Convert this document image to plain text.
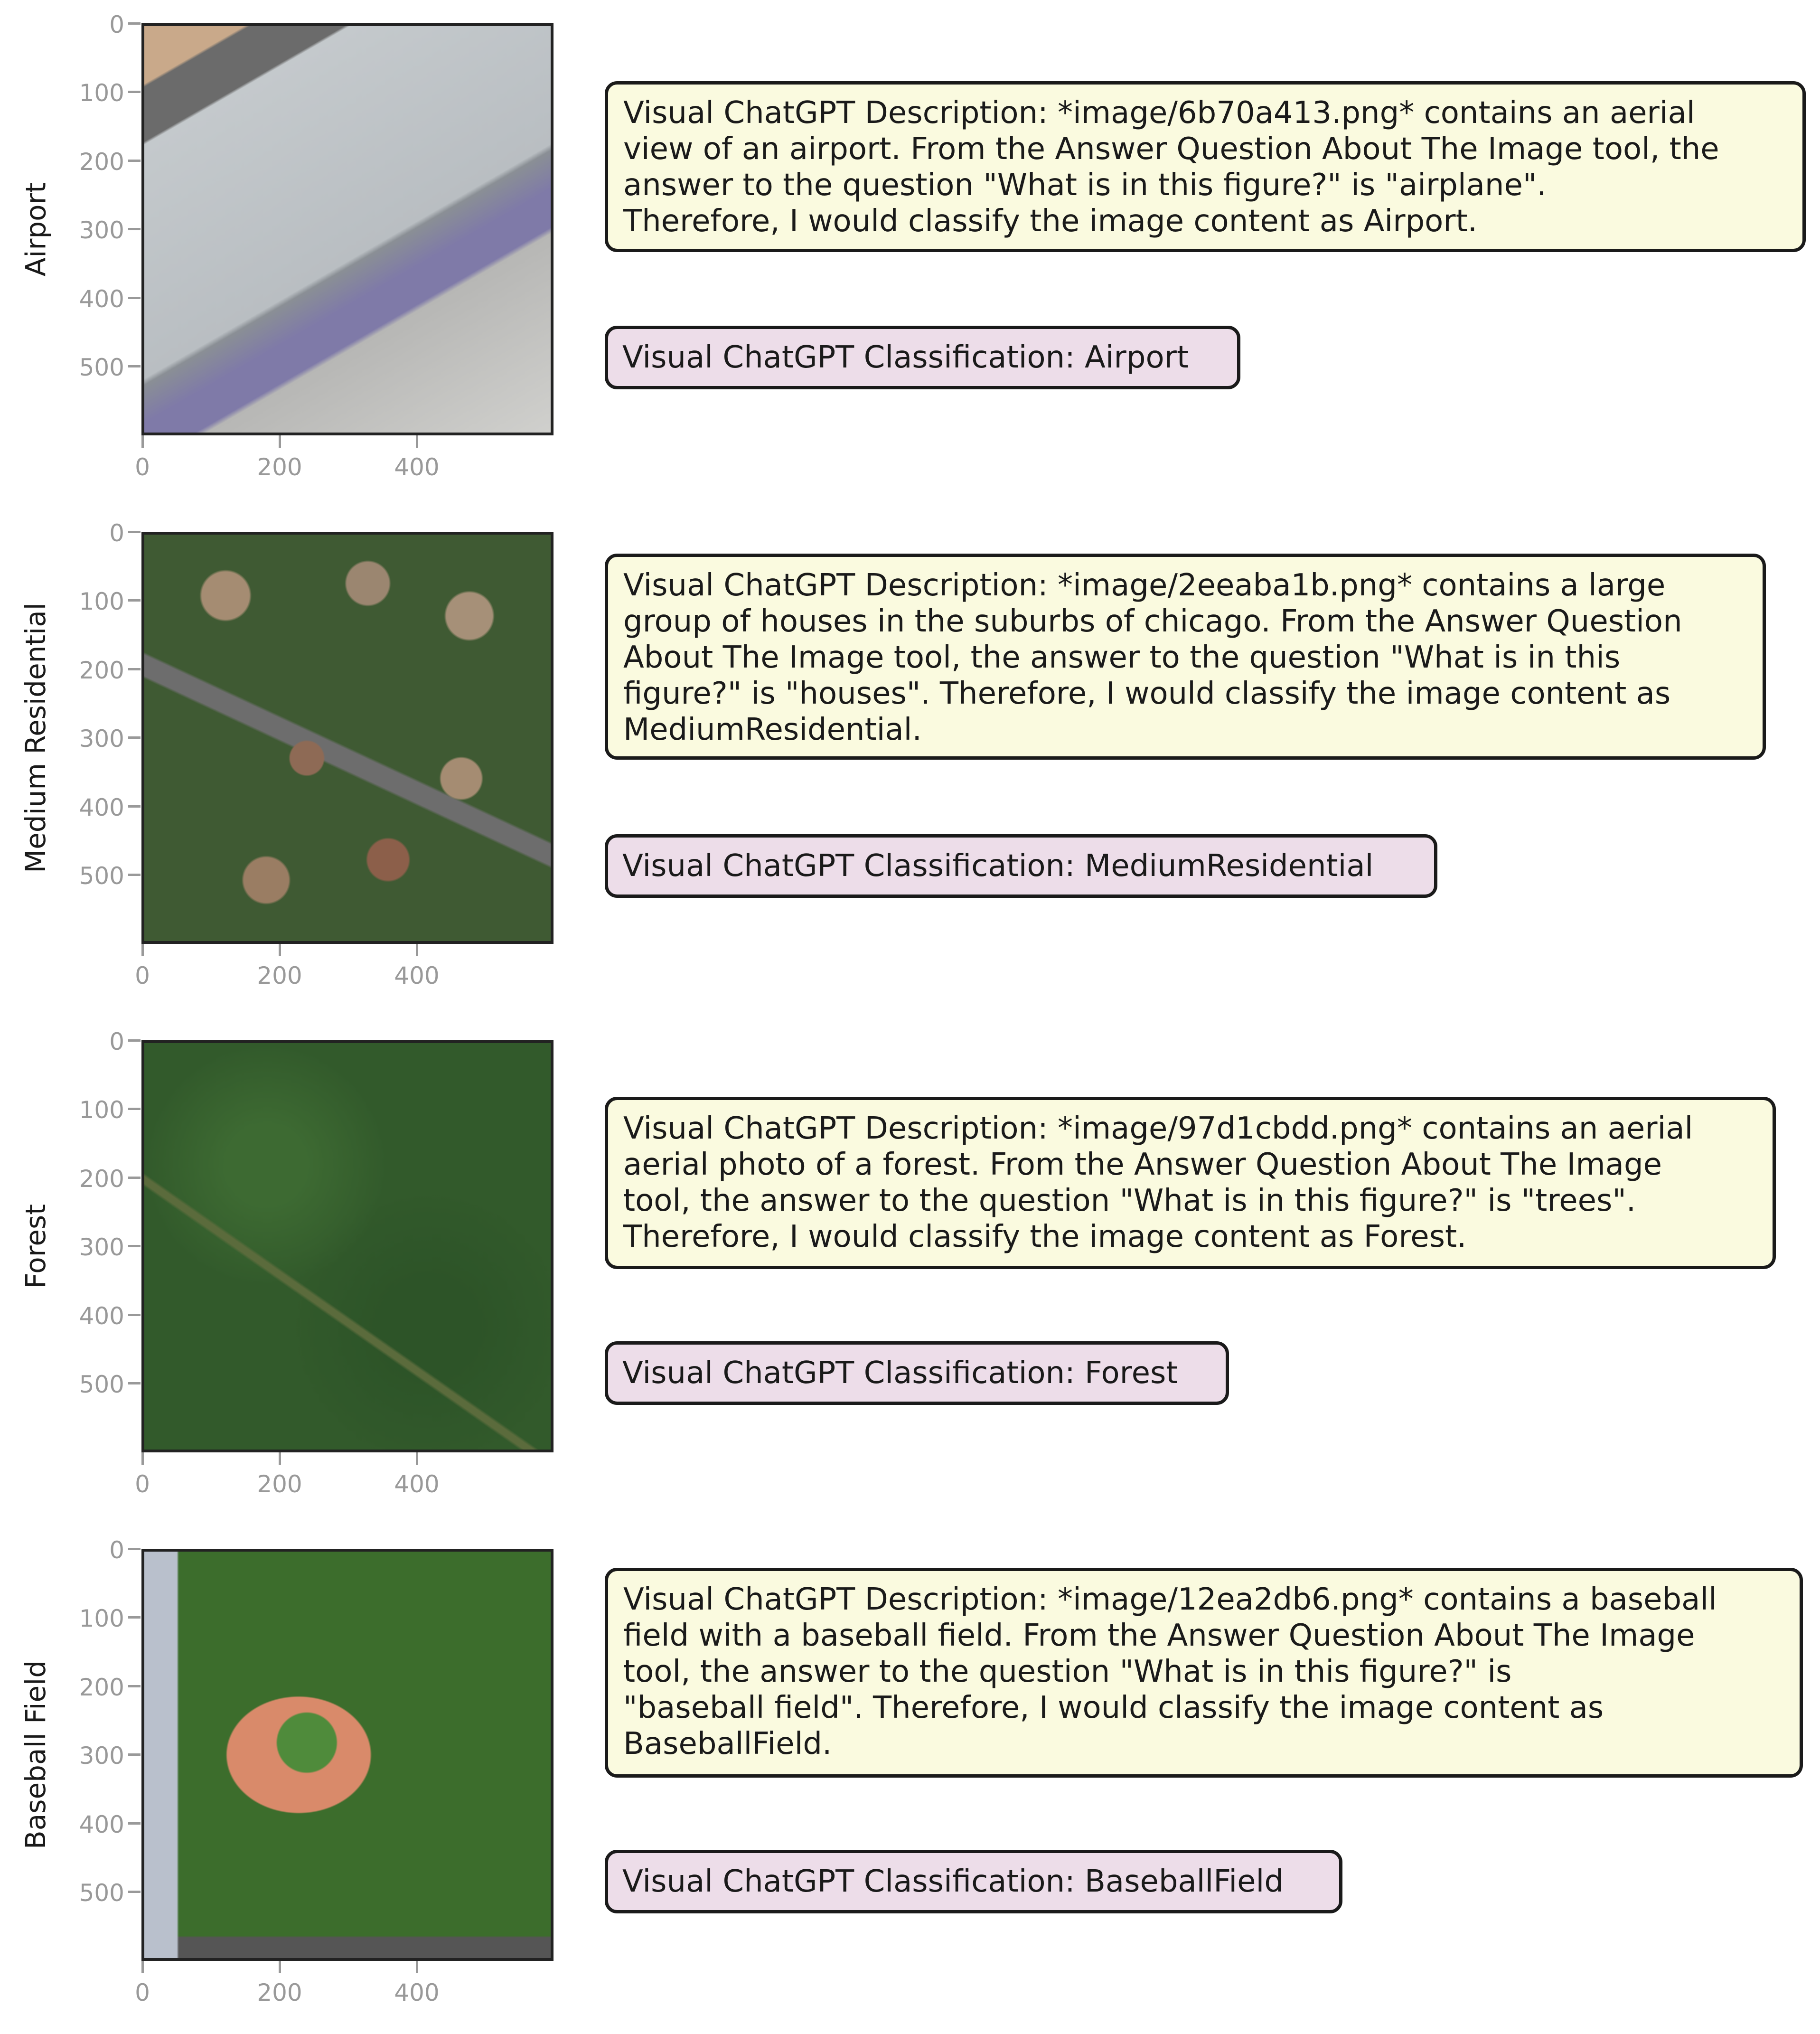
Airport
0
100
200
300
400
500
0	200	400
Visual ChatGPT Description: *image/6b70a413.png* contains an aerial
view of an airport. From the Answer Question About The Image tool, the
answer to the question "What is in this figure?" is "airplane".
Therefore, I would classify the image content as Airport.
Visual ChatGPT Classification: Airport
Medium Residential
0
100
200
300
400
500
0	200	400
Visual ChatGPT Description: *image/2eeaba1b.png* contains a large
group of houses in the suburbs of chicago. From the Answer Question
About The Image tool, the answer to the question "What is in this
figure?" is "houses". Therefore, I would classify the image content as
MediumResidential.
Visual ChatGPT Classification: MediumResidential
Forest
0
100
200
300
400
500
0	200	400
Visual ChatGPT Description: *image/97d1cbdd.png* contains an aerial
aerial photo of a forest. From the Answer Question About The Image
tool, the answer to the question "What is in this figure?" is "trees".
Therefore, I would classify the image content as Forest.
Visual ChatGPT Classification: Forest
Baseball Field
0
100
200
300
400
500
0	200	400
Visual ChatGPT Description: *image/12ea2db6.png* contains a baseball
field with a baseball field. From the Answer Question About The Image
tool, the answer to the question "What is in this figure?" is
"baseball field". Therefore, I would classify the image content as
BaseballField.
Visual ChatGPT Classification: BaseballField
